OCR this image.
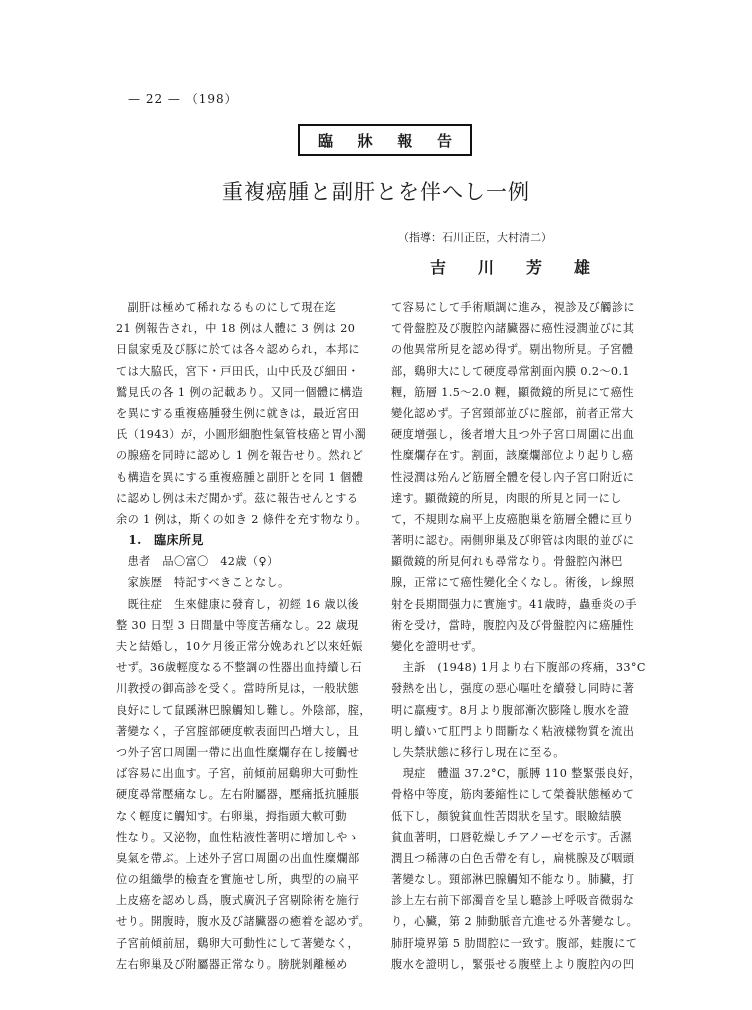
— 22 — （198）
臨 牀 報 告
重複癌腫と副肝とを伴へし一例
（指導：石川正臣，大村清二）
吉 川 芳 雄
　副肝は極めて稀れなるものにして現在迄
21 例報告され，中 18 例は人體に 3 例は 20
日鼠家兎及び豚に於ては各々認められ，本邦に
ては大脇氏，宮下・戸田氏，山中氏及び細田・
鷲見氏の各 1 例の記載あり。又同一個體に構造
を異にする重複癌腫發生例に就きは，最近宮田
氏（1943）が，小圓形細胞性氣管枝癌と胃小濁
の腺癌を同時に認めし 1 例を報告せり。然れど
も構造を異にする重複癌腫と副肝とを同 1 個體
に認めし例は未だ聞かず。茲に報告せんとする
余の 1 例は，斯くの如き 2 條件を充す物なり。
　1.　臨床所見
　患者　品〇富〇　42歳（♀）
　家族歴　特記すべきことなし。
　既往症　生來健康に發育し，初經 16 歳以後
整 30 日型 3 日間量中等度苦痛なし。22 歳現
夫と結婚し，10ケ月後正常分娩あれど以來妊娠
せず。36歳輕度なる不整調の性器出血持續し石
川教授の御高診を受く。當時所見は，一般狀態
良好にして鼠蹊淋巴腺觸知し難し。外陰部，腟，
著變なく，子宮腟部硬度軟表面凹凸增大し，且
つ外子宮口周圍一帶に出血性糜爛存在し接觸せ
ば容易に出血す。子宮，前傾前屈鷄卵大可動性
硬度尋常壓痛なし。左右附屬器，壓痛抵抗腫脹
なく輕度に觸知す。右卵巢，拇指頭大軟可動
性なり。又泌物，血性粘液性著明に增加しやゝ
臭氣を帶ぶ。上述外子宮口周圍の出血性糜爛部
位の組織學的檢査を實施せし所，典型的の扁平
上皮癌を認めし爲，腹式廣汎子宮剔除術を施行
せり。開腹時，腹水及び諸臟器の癒着を認めず。
子宮前傾前屈，鷄卵大可動性にして著變なく，
左右卵巢及び附屬器正常なり。膀胱剝離極め
て容易にして手術順調に進み，視診及び觸診に
て骨盤腔及び腹腔內諸臟器に癌性浸潤並びに其
の他異常所見を認め得ず。剔出物所見。子宮體
部，鷄卵大にして硬度尋常割面內膜 0.2〜0.1
糎，筋層 1.5〜2.0 糎，顯微鏡的所見にて癌性
變化認めず。子宮頸部並びに腟部，前者正常大
硬度增强し，後者增大且つ外子宮口周圍に出血
性糜爛存在す。割面，該糜爛部位より起りし癌
性浸潤は殆んど筋層全體を侵し內子宮口附近に
達す。顯微鏡的所見，肉眼的所見と同一にし
て，不規則な扁平上皮癌胞巢を筋層全體に亘り
著明に認む。兩側卵巢及び卵管は肉眼的並びに
顯微鏡的所見何れも尋常なり。骨盤腔內淋巴
腺，正常にて癌性變化全くなし。術後，レ線照
射を長期間强力に實施す。41歳時，蟲垂炎の手
術を受け，當時，腹腔內及び骨盤腔內に癌腫性
變化を證明せず。
　主訴　(1948) 1月より右下腹部の疼痛，33°C
發熱を出し，强度の惡心嘔吐を續發し同時に著
明に羸瘦す。8月より腹部漸次膨隆し腹水を證
明し續いて肛門より間斷なく粘液樣物質を流出
し失禁狀態に移行し現在に至る。
　現症　體溫 37.2°C，脈膊 110 整緊張良好，
骨格中等度，筋肉萎縮性にして榮養狀態極めて
低下し，顏貌貧血性苦悶狀を呈す。眼瞼結膜
貧血著明，口唇乾燥しチアノーゼを示す。舌濕
潤且つ稀薄の白色舌帶を有し，扁桃腺及び咽頭
著變なし。頸部淋巴腺觸知不能なり。肺臟，打
診上左右前下部濁音を呈し聽診上呼吸音微弱な
り，心臟，第 2 肺動脈音亢進せる外著變なし。
肺肝境界第 5 肋間腔に一致す。腹部，蛙腹にて
腹水を證明し，緊張せる腹壁上より腹腔內の凹
